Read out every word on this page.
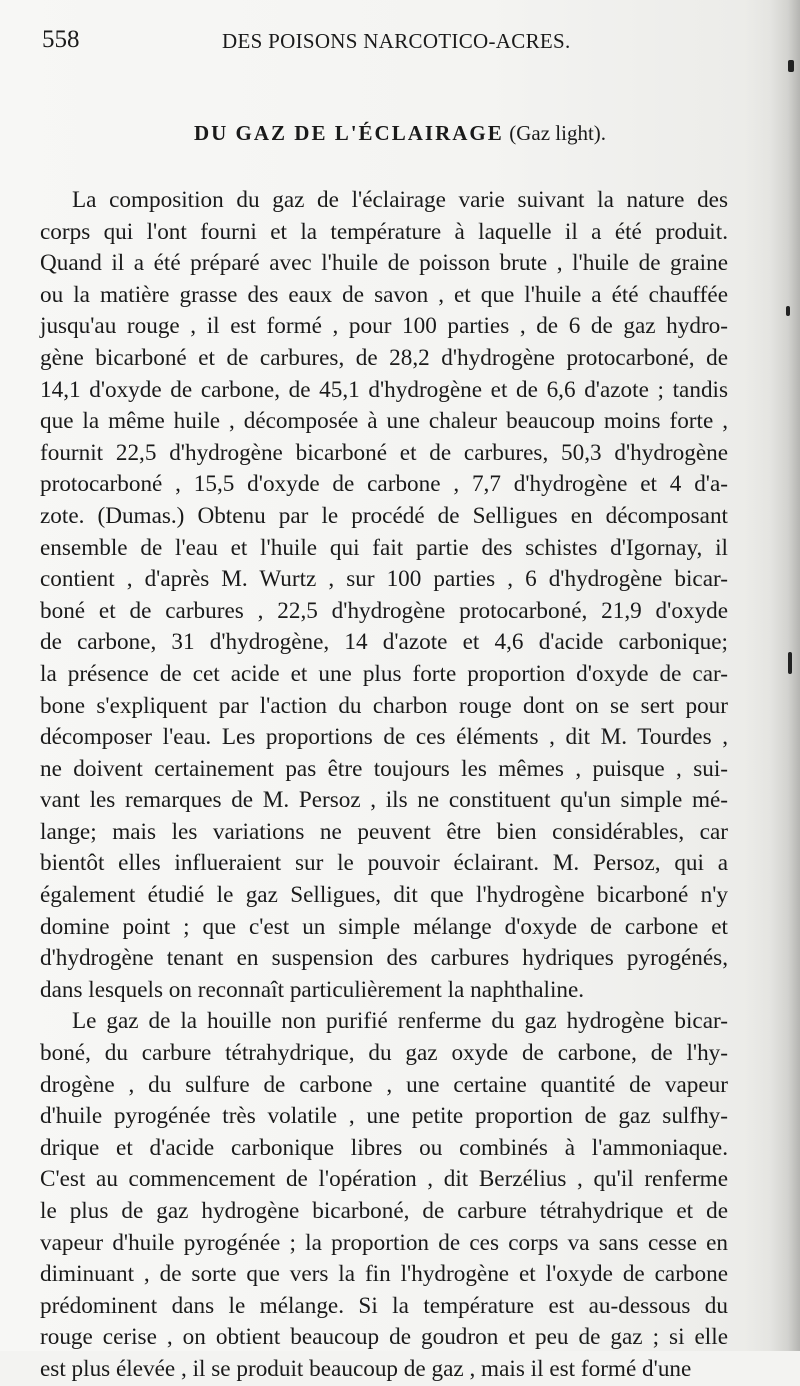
558	DES POISONS NARCOTICO-ACRES.
DU GAZ DE L'ÉCLAIRAGE (Gaz light).
La composition du gaz de l'éclairage varie suivant la nature des
corps qui l'ont fourni et la température à laquelle il a été produit.
Quand il a été préparé avec l'huile de poisson brute , l'huile de graine
ou la matière grasse des eaux de savon , et que l'huile a été chauffée
jusqu'au rouge , il est formé , pour 100 parties , de 6 de gaz hydro-
gène bicarboné et de carbures, de 28,2 d'hydrogène protocarboné, de
14,1 d'oxyde de carbone, de 45,1 d'hydrogène et de 6,6 d'azote ; tandis
que la même huile , décomposée à une chaleur beaucoup moins forte ,
fournit 22,5 d'hydrogène bicarboné et de carbures, 50,3 d'hydrogène
protocarboné , 15,5 d'oxyde de carbone , 7,7 d'hydrogène et 4 d'a-
zote. (Dumas.) Obtenu par le procédé de Selligues en décomposant
ensemble de l'eau et l'huile qui fait partie des schistes d'Igornay, il
contient , d'après M. Wurtz , sur 100 parties , 6 d'hydrogène bicar-
boné et de carbures , 22,5 d'hydrogène protocarboné, 21,9 d'oxyde
de carbone, 31 d'hydrogène, 14 d'azote et 4,6 d'acide carbonique;
la présence de cet acide et une plus forte proportion d'oxyde de car-
bone s'expliquent par l'action du charbon rouge dont on se sert pour
décomposer l'eau. Les proportions de ces éléments , dit M. Tourdes ,
ne doivent certainement pas être toujours les mêmes , puisque , sui-
vant les remarques de M. Persoz , ils ne constituent qu'un simple mé-
lange; mais les variations ne peuvent être bien considérables, car
bientôt elles influeraient sur le pouvoir éclairant. M. Persoz, qui a
également étudié le gaz Selligues, dit que l'hydrogène bicarboné n'y
domine point ; que c'est un simple mélange d'oxyde de carbone et
d'hydrogène tenant en suspension des carbures hydriques pyrogénés,
dans lesquels on reconnaît particulièrement la naphthaline.
Le gaz de la houille non purifié renferme du gaz hydrogène bicar-
boné, du carbure tétrahydrique, du gaz oxyde de carbone, de l'hy-
drogène , du sulfure de carbone , une certaine quantité de vapeur
d'huile pyrogénée très volatile , une petite proportion de gaz sulfhy-
drique et d'acide carbonique libres ou combinés à l'ammoniaque.
C'est au commencement de l'opération , dit Berzélius , qu'il renferme
le plus de gaz hydrogène bicarboné, de carbure tétrahydrique et de
vapeur d'huile pyrogénée ; la proportion de ces corps va sans cesse en
diminuant , de sorte que vers la fin l'hydrogène et l'oxyde de carbone
prédominent dans le mélange. Si la température est au-dessous du
rouge cerise , on obtient beaucoup de goudron et peu de gaz ; si elle
est plus élevée , il se produit beaucoup de gaz , mais il est formé d'une
